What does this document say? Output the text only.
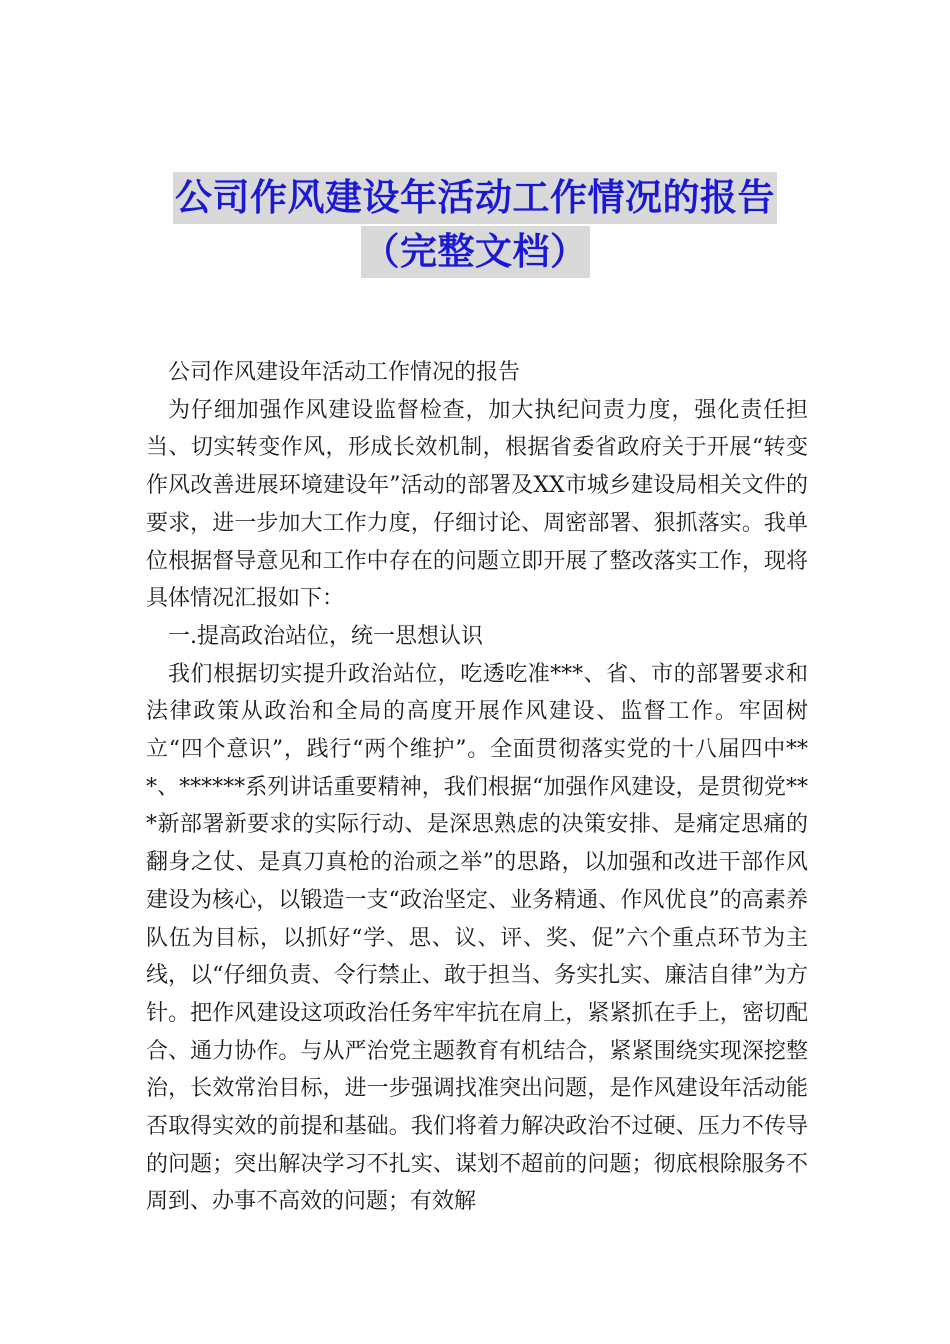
公司作风建设年活动工作情况的报告
（完整文档）

公司作风建设年活动工作情况的报告

为仔细加强作风建设监督检查，加大执纪问责力度，强化责任担当、切实转变作风，形成长效机制，根据省委省政府关于开展“转变作风改善进展环境建设年”活动的部署及XX市城乡建设局相关文件的要求，进一步加大工作力度，仔细讨论、周密部署、狠抓落实。我单位根据督导意见和工作中存在的问题立即开展了整改落实工作，现将具体情况汇报如下：

一.提高政治站位，统一思想认识

我们根据切实提升政治站位，吃透吃准***、省、市的部署要求和法律政策从政治和全局的高度开展作风建设、监督工作。牢固树立“四个意识”，践行“两个维护”。全面贯彻落实党的十八届四中***、******系列讲话重要精神，我们根据“加强作风建设，是贯彻党***新部署新要求的实际行动、是深思熟虑的决策安排、是痛定思痛的翻身之仗、是真刀真枪的治顽之举”的思路，以加强和改进干部作风建设为核心，以锻造一支“政治坚定、业务精通、作风优良”的高素养队伍为目标，以抓好“学、思、议、评、奖、促”六个重点环节为主线，以“仔细负责、令行禁止、敢于担当、务实扎实、廉洁自律”为方针。把作风建设这项政治任务牢牢抗在肩上，紧紧抓在手上，密切配合、通力协作。与从严治党主题教育有机结合，紧紧围绕实现深挖整治，长效常治目标，进一步强调找准突出问题，是作风建设年活动能否取得实效的前提和基础。我们将着力解决政治不过硬、压力不传导的问题；突出解决学习不扎实、谋划不超前的问题；彻底根除服务不周到、办事不高效的问题；有效解
